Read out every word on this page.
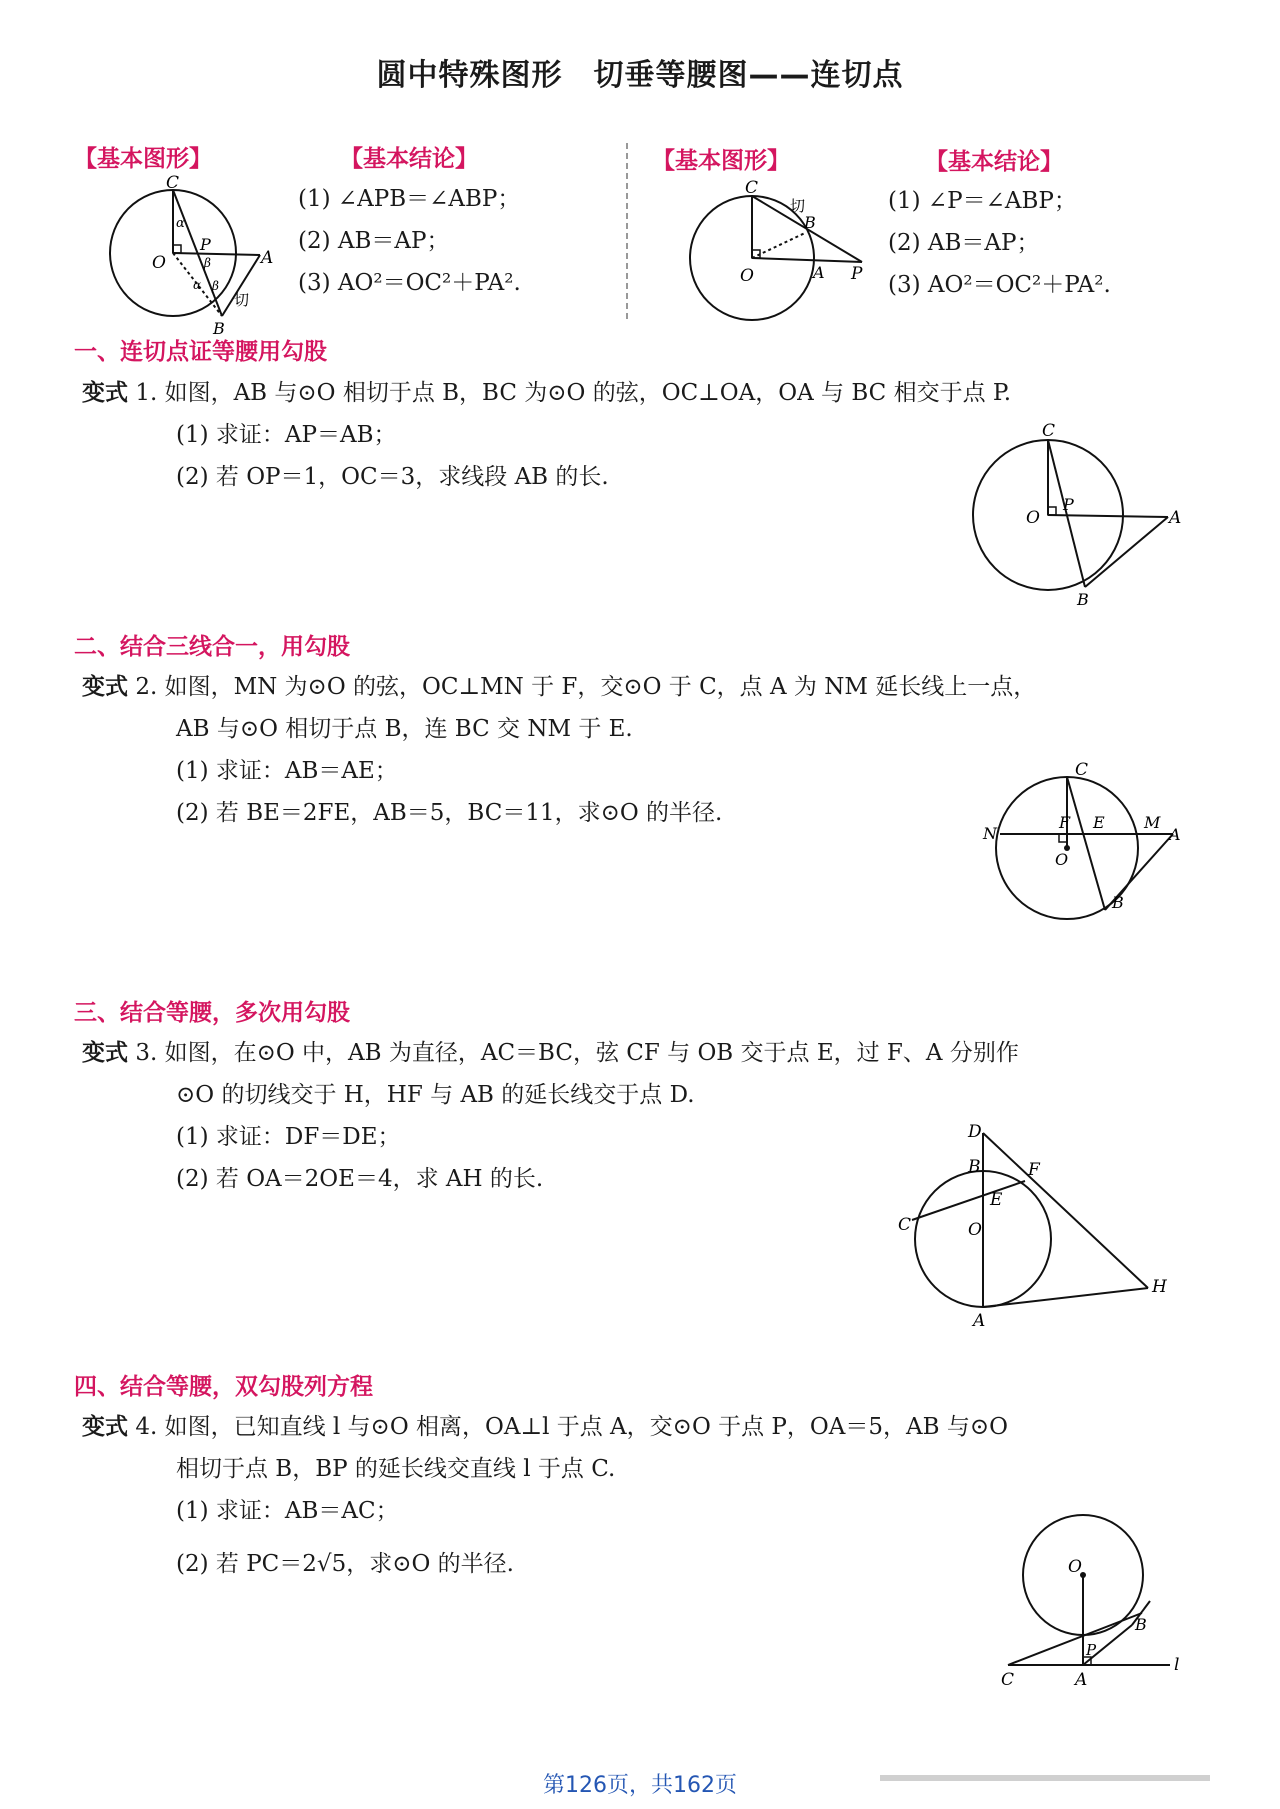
圆中特殊图形　切垂等腰图——连切点
【基本图形】	【基本结论】	【基本图形】	【基本结论】
(1) ∠APB＝∠ABP；
(2) AB＝AP；
(3) AO²＝OC²＋PA².
(1) ∠P＝∠ABP；
(2) AB＝AP；
(3) AO²＝OC²＋PA².
C
O
P
A
B
α
β
β
α
切
C
切
B
O	A P
一、连切点证等腰用勾股
变式 1. 如图，AB 与⊙O 相切于点 B，BC 为⊙O 的弦，OC⊥OA，OA 与 BC 相交于点 P.
(1) 求证：AP＝AB；
(2) 若 OP＝1，OC＝3，求线段 AB 的长.
C
O
P
A
B
二、结合三线合一，用勾股
变式 2. 如图，MN 为⊙O 的弦，OC⊥MN 于 F，交⊙O 于 C，点 A 为 NM 延长线上一点，
AB 与⊙O 相切于点 B，连 BC 交 NM 于 E.
(1) 求证：AB＝AE；
(2) 若 BE＝2FE，AB＝5，BC＝11，求⊙O 的半径.
C
N
F E M
A
O
B
三、结合等腰，多次用勾股
变式 3. 如图，在⊙O 中，AB 为直径，AC＝BC，弦 CF 与 OB 交于点 E，过 F、A 分别作
⊙O 的切线交于 H，HF 与 AB 的延长线交于点 D.
(1) 求证：DF＝DE；
(2) 若 OA＝2OE＝4，求 AH 的长.
D
B	F
E
C	O
A
H
四、结合等腰，双勾股列方程
变式 4. 如图，已知直线 l 与⊙O 相离，OA⊥l 于点 A，交⊙O 于点 P，OA＝5，AB 与⊙O
相切于点 B，BP 的延长线交直线 l 于点 C.
(1) 求证：AB＝AC；
(2) 若 PC＝2√5，求⊙O 的半径.	O
B
P
C	A
l
第126页，共162页
